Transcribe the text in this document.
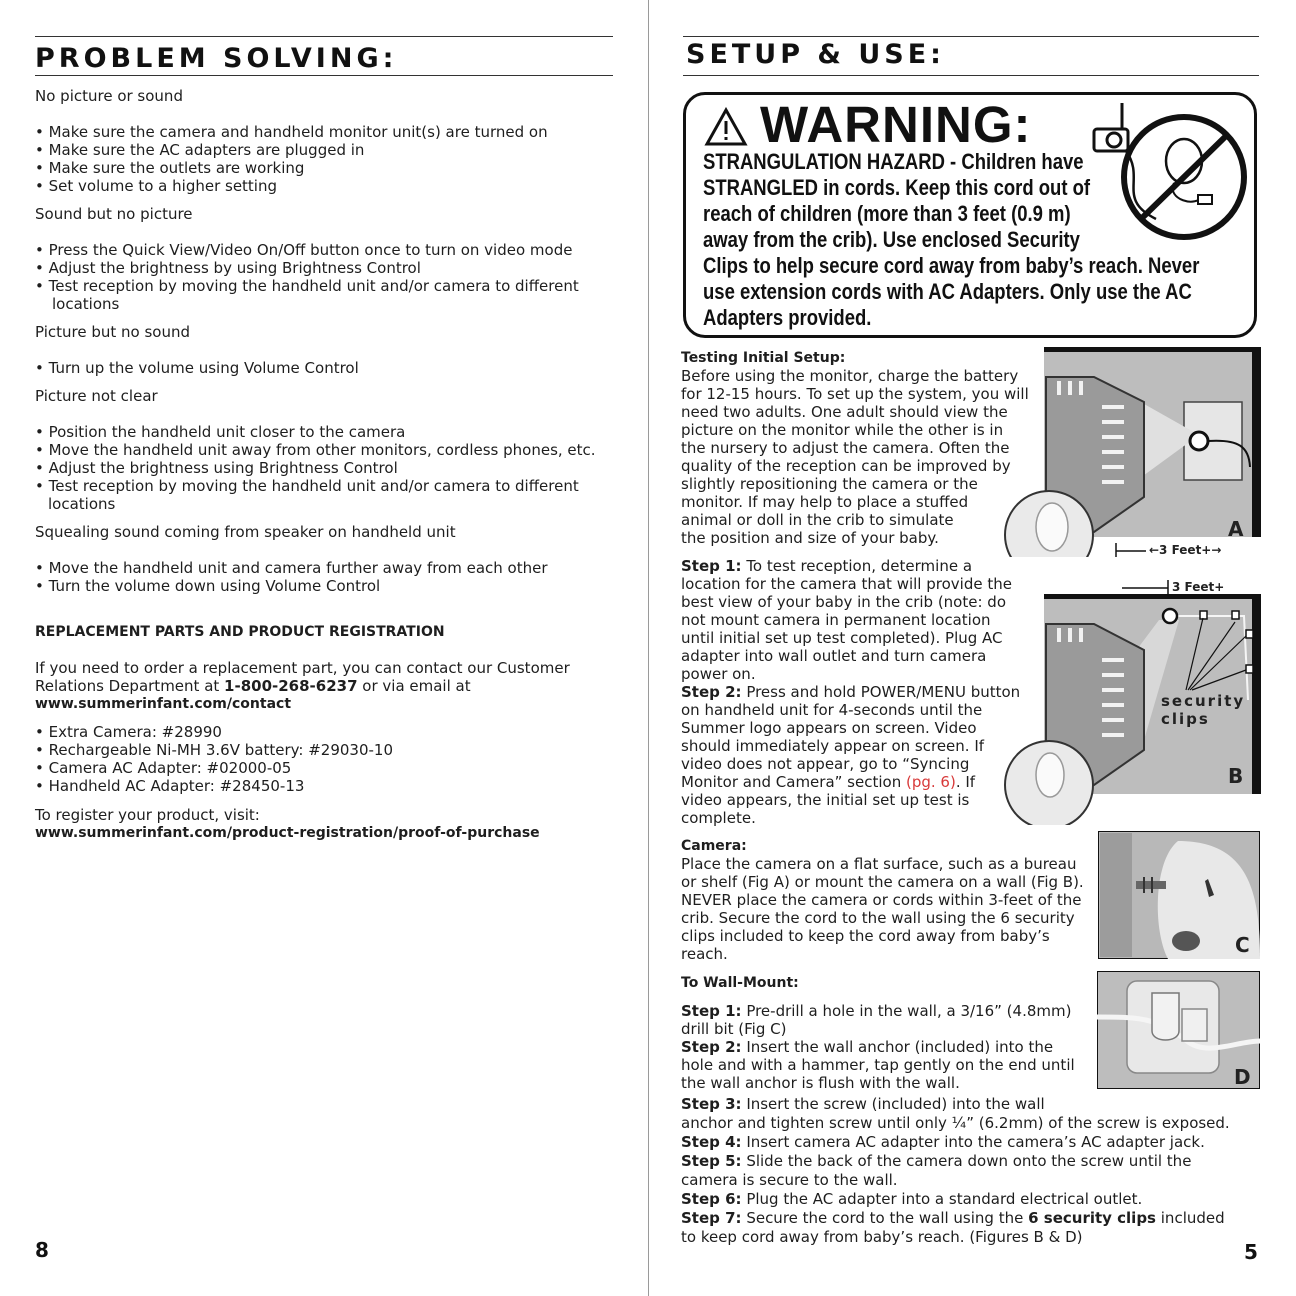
PROBLEM SOLVING:
No picture or sound
• Make sure the camera and handheld monitor unit(s) are turned on
• Make sure the AC adapters are plugged in
• Make sure the outlets are working
• Set volume to a higher setting
Sound but no picture
• Press the Quick View/Video On/Off button once to turn on video mode
• Adjust the brightness by using Brightness Control
• Test reception by moving the handheld unit and/or camera to different
locations
Picture but no sound
• Turn up the volume using Volume Control
Picture not clear
• Position the handheld unit closer to the camera
• Move the handheld unit away from other monitors, cordless phones, etc.
• Adjust the brightness using Brightness Control
• Test reception by moving the handheld unit and/or camera to different
locations
Squealing sound coming from speaker on handheld unit
• Move the handheld unit and camera further away from each other
• Turn the volume down using Volume Control
REPLACEMENT PARTS AND PRODUCT REGISTRATION
If you need to order a replacement part, you can contact our Customer
Relations Department at 1-800-268-6237 or via email at
www.summerinfant.com/contact
• Extra Camera: #28990
• Rechargeable Ni-MH 3.6V battery: #29030-10
• Camera AC Adapter: #02000-05
• Handheld AC Adapter: #28450-13
To register your product, visit:
www.summerinfant.com/product-registration/proof-of-purchase
8
SETUP & USE:
WARNING:
STRANGULATION HAZARD - Children have
STRANGLED in cords. Keep this cord out of
reach of children (more than 3 feet (0.9 m)
away from the crib). Use enclosed Security
Clips to help secure cord away from baby’s reach. Never
use extension cords with AC Adapters. Only use the AC
Adapters provided.
Testing Initial Setup:
Before using the monitor, charge the battery
for 12-15 hours. To set up the system, you will
need two adults. One adult should view the
picture on the monitor while the other is in
the nursery to adjust the camera. Often the
quality of the reception can be improved by
slightly repositioning the camera or the
monitor. If may help to place a stuffed
animal or doll in the crib to simulate
the position and size of your baby.
Step 1: To test reception, determine a
location for the camera that will provide the
best view of your baby in the crib (note: do
not mount camera in permanent location
until initial set up test completed). Plug AC
adapter into wall outlet and turn camera
power on.
Step 2: Press and hold POWER/MENU button
on handheld unit for 4-seconds until the
Summer logo appears on screen. Video
should immediately appear on screen. If
video does not appear, go to “Syncing
Monitor and Camera” section (pg. 6). If
video appears, the initial set up test is
complete.
Camera:
Place the camera on a flat surface, such as a bureau
or shelf (Fig A) or mount the camera on a wall (Fig B).
NEVER place the camera or cords within 3-feet of the
crib. Secure the cord to the wall using the 6 security
clips included to keep the cord away from baby’s
reach.
To Wall-Mount:
Step 1: Pre-drill a hole in the wall, a 3/16” (4.8mm)
drill bit (Fig C)
Step 2: Insert the wall anchor (included) into the
hole and with a hammer, tap gently on the end until
the wall anchor is flush with the wall.
Step 3: Insert the screw (included) into the wall
anchor and tighten screw until only ¼” (6.2mm) of the screw is exposed.
Step 4: Insert camera AC adapter into the camera’s AC adapter jack.
Step 5: Slide the back of the camera down onto the screw until the
camera is secure to the wall.
Step 6: Plug the AC adapter into a standard electrical outlet.
Step 7: Secure the cord to the wall using the 6 security clips included
to keep cord away from baby’s reach. (Figures B & D)
5
←3 Feet+→
A
3 Feet+
security
clips
B
C
D
